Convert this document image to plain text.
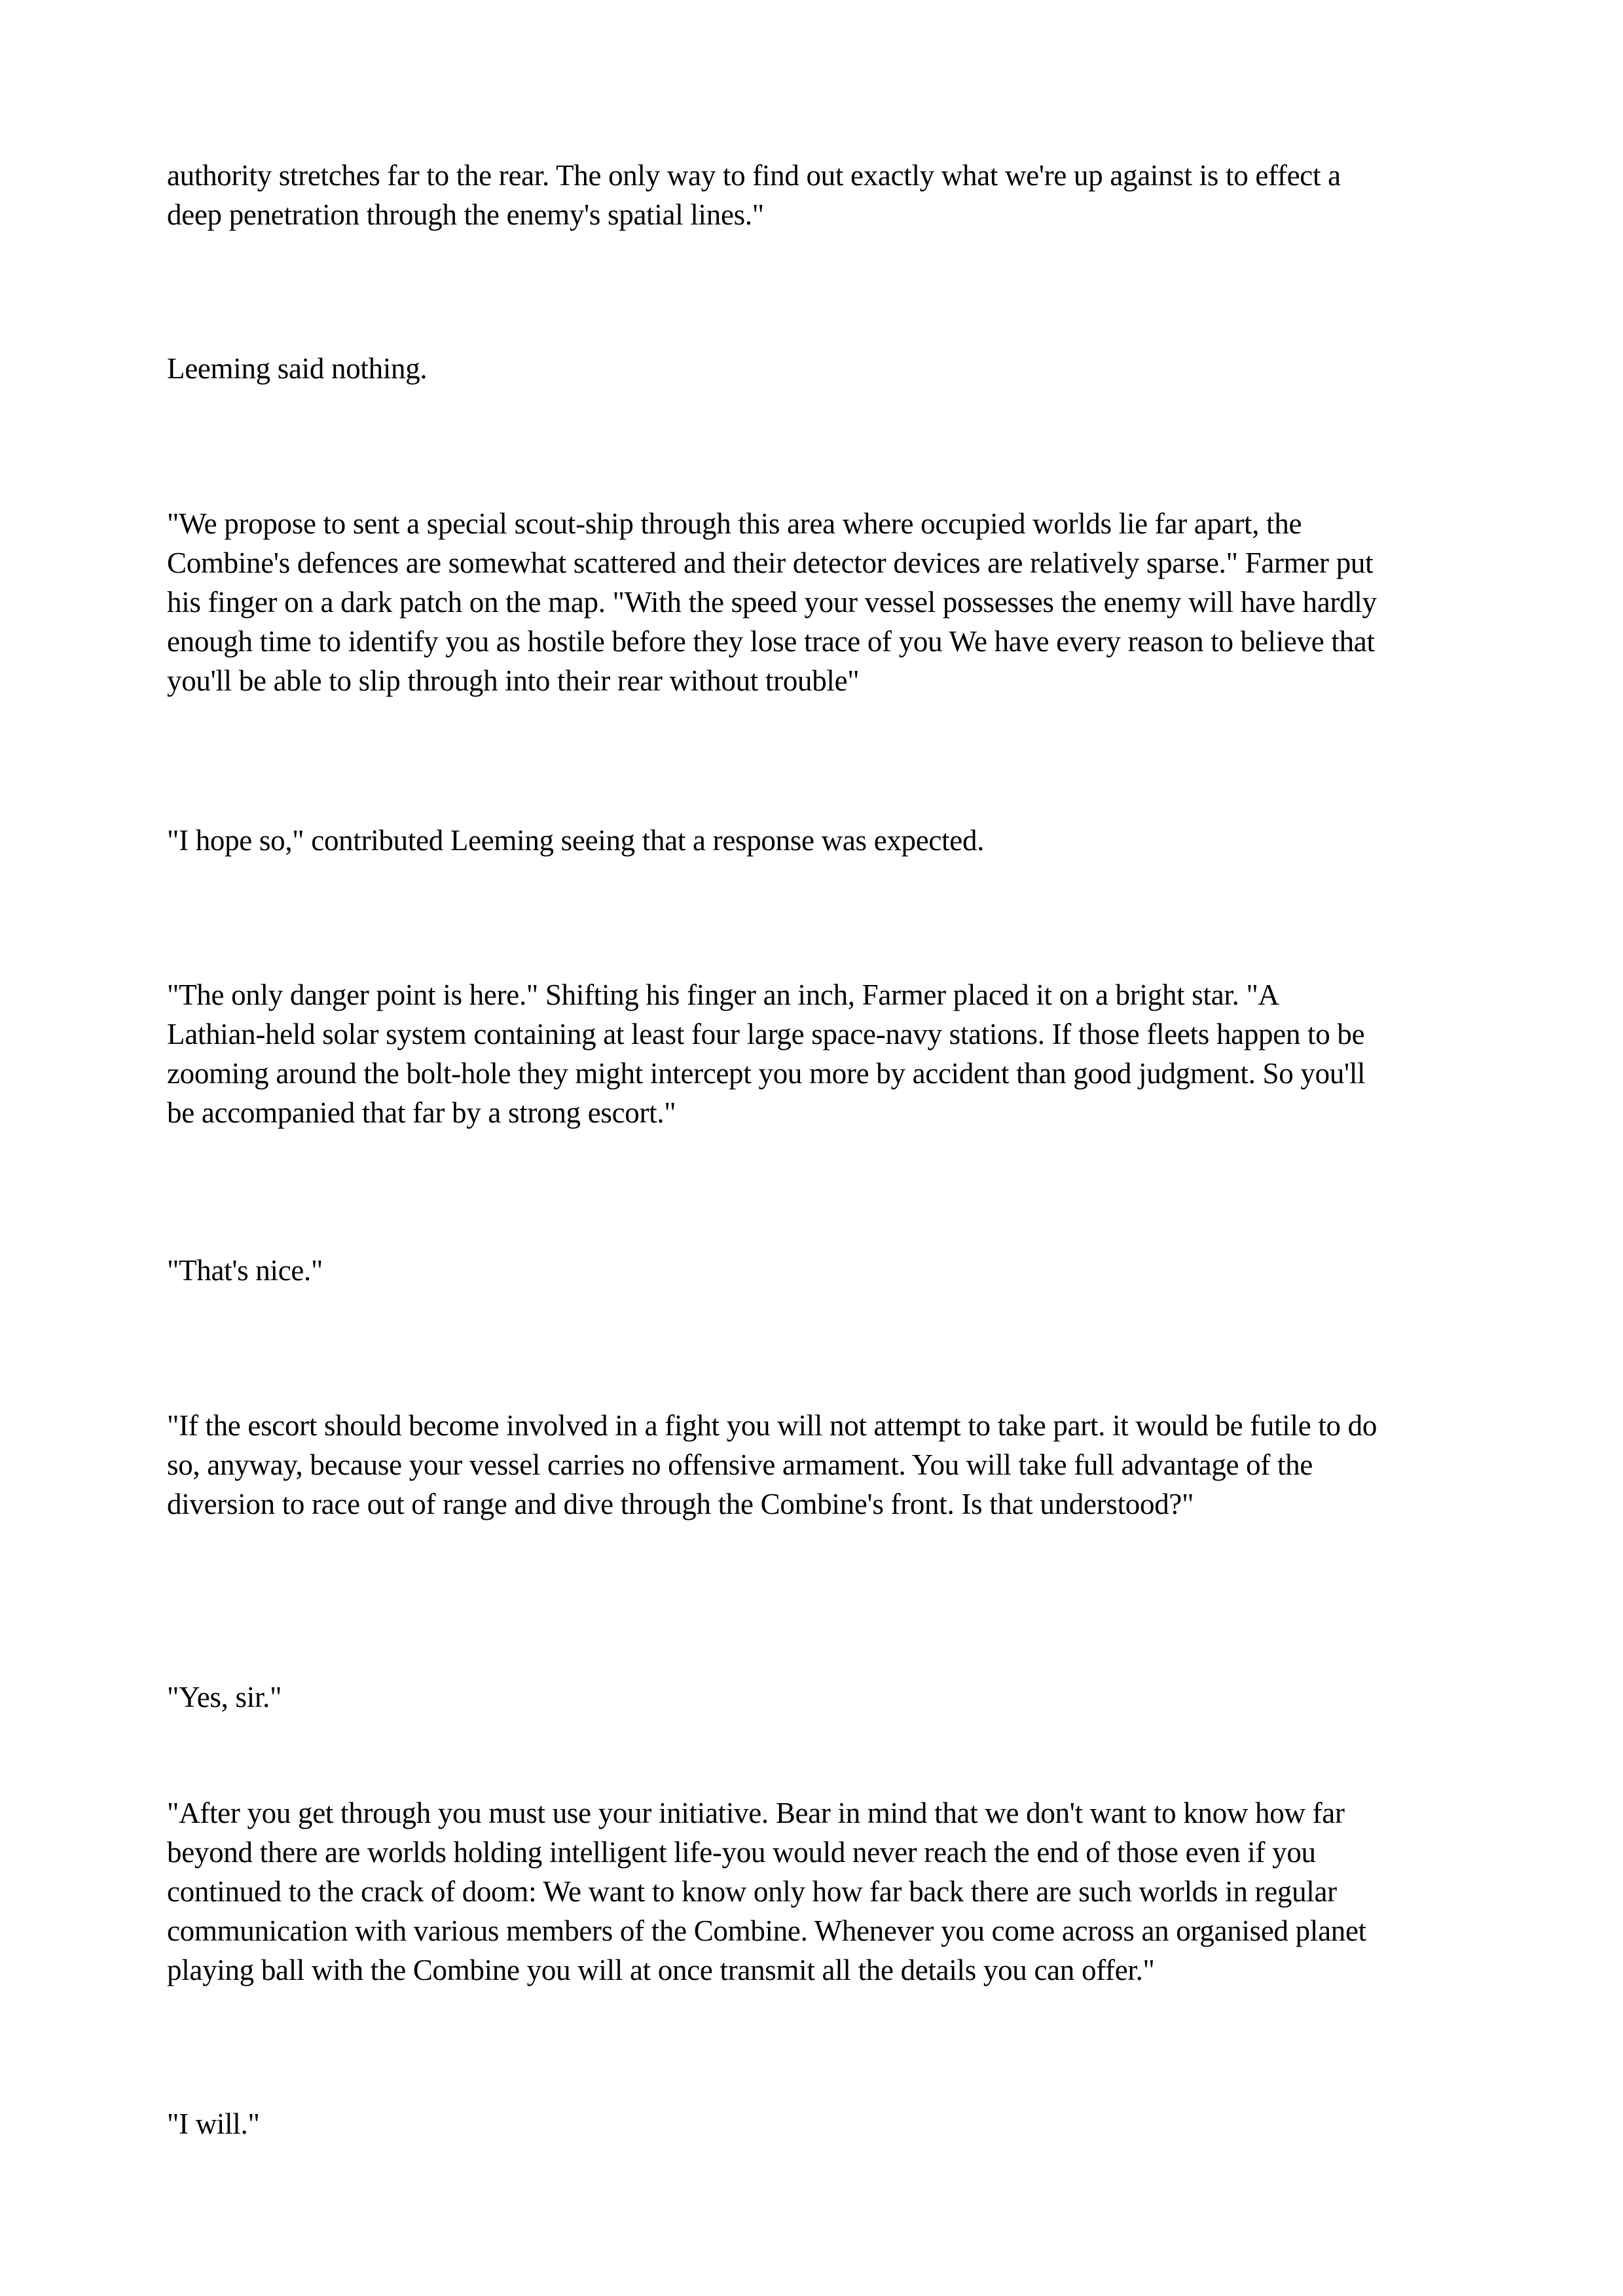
authority stretches far to the rear. The only way to find out exactly what we're up against is to effect a
deep penetration through the enemy's spatial lines."

Leeming said nothing.

"We propose to sent a special scout-ship through this area where occupied worlds lie far apart, the
Combine's defences are somewhat scattered and their detector devices are relatively sparse." Farmer put
his finger on a dark patch on the map. "With the speed your vessel possesses the enemy will have hardly
enough time to identify you as hostile before they lose trace of you We have every reason to believe that
you'll be able to slip through into their rear without trouble"

"I hope so," contributed Leeming seeing that a response was expected.

"The only danger point is here." Shifting his finger an inch, Farmer placed it on a bright star. "A
Lathian-held solar system containing at least four large space-navy stations. If those fleets happen to be
zooming around the bolt-hole they might intercept you more by accident than good judgment. So you'll
be accompanied that far by a strong escort."

"That's nice."

"If the escort should become involved in a fight you will not attempt to take part. it would be futile to do
so, anyway, because your vessel carries no offensive armament. You will take full advantage of the
diversion to race out of range and dive through the Combine's front. Is that understood?"

"Yes, sir."

"After you get through you must use your initiative. Bear in mind that we don't want to know how far
beyond there are worlds holding intelligent life-you would never reach the end of those even if you
continued to the crack of doom: We want to know only how far back there are such worlds in regular
communication with various members of the Combine. Whenever you come across an organised planet
playing ball with the Combine you will at once transmit all the details you can offer."

"I will."
